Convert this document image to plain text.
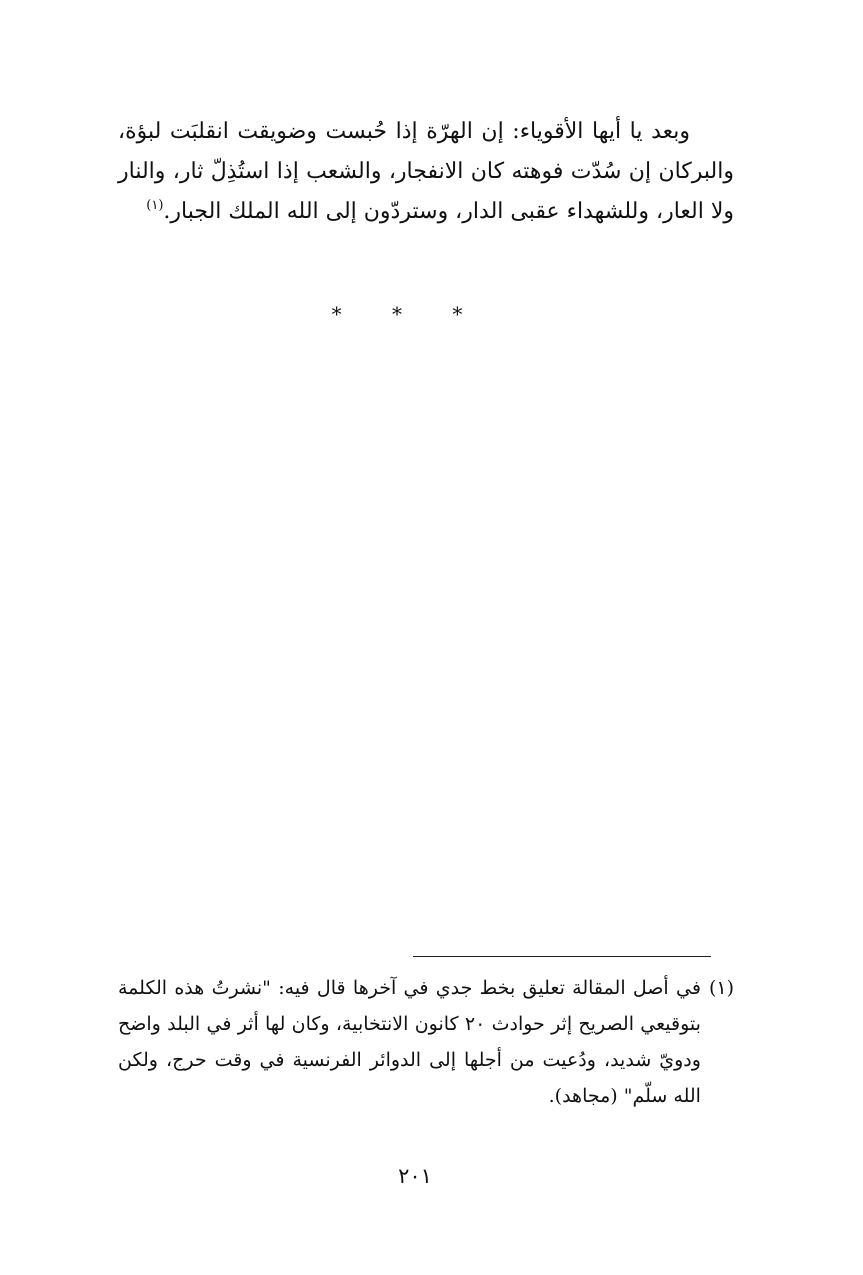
وبعد يا أيها الأقوياء: إن الهرّة إذا حُبست وضويقت انقلبَت لبؤة، والبركان إن سُدّت فوهته كان الانفجار، والشعب إذا استُذِلّ ثار، والنار ولا العار، وللشهداء عقبى الدار، وستردّون إلى الله الملك الجبار.$^{(١)}$

* * *
(١)
في أصل المقالة تعليق بخط جدي في آخرها قال فيه: "نشرتُ هذه الكلمة بتوقيعي الصريح إثر حوادث ٢٠ كانون الانتخابية، وكان لها أثر في البلد واضح ودويّ شديد، ودُعيت من أجلها إلى الدوائر الفرنسية في وقت حرج، ولكن الله سلّم" (مجاهد).
٢٠١
